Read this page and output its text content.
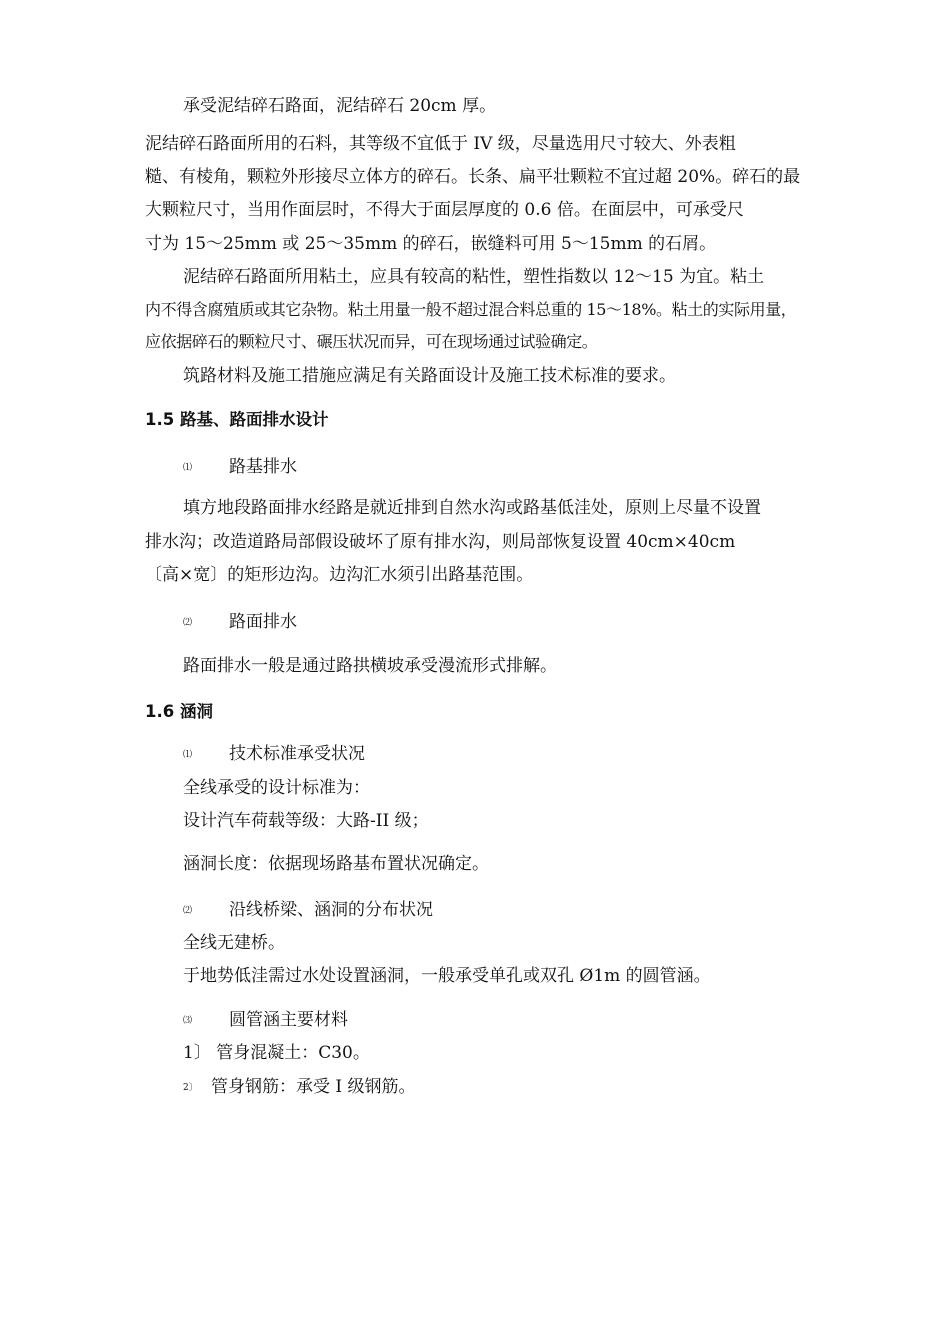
承受泥结碎石路面，泥结碎石 20cm 厚。
泥结碎石路面所用的石料，其等级不宜低于 IV 级，尽量选用尺寸较大、外表粗
糙、有棱角，颗粒外形接尽立体方的碎石。长条、扁平壮颗粒不宜过超 20%。碎石的最
大颗粒尺寸，当用作面层时，不得大于面层厚度的 0.6 倍。在面层中，可承受尺
寸为 15～25mm 或 25～35mm 的碎石，嵌缝料可用 5～15mm 的石屑。
泥结碎石路面所用粘土，应具有较高的粘性，塑性指数以 12～15 为宜。粘土
内不得含腐殖质或其它杂物。粘土用量一般不超过混合料总重的 15～18%。粘土的实际用量，
应依据碎石的颗粒尺寸、碾压状况而异，可在现场通过试验确定。
筑路材料及施工措施应满足有关路面设计及施工技术标准的要求。
1.5 路基、路面排水设计
⑴ 路基排水
填方地段路面排水经路是就近排到自然水沟或路基低洼处，原则上尽量不设置
排水沟；改造道路局部假设破坏了原有排水沟，则局部恢复设置 40cm×40cm
〔高×宽〕的矩形边沟。边沟汇水须引出路基范围。
⑵ 路面排水
路面排水一般是通过路拱横坡承受漫流形式排解。
1.6 涵洞
⑴ 技术标准承受状况
全线承受的设计标准为：
设计汽车荷载等级：大路-II 级；
涵洞长度：依据现场路基布置状况确定。
⑵ 沿线桥梁、涵洞的分布状况
全线无建桥。
于地势低洼需过水处设置涵洞，一般承受单孔或双孔 Ø1m 的圆管涵。
⑶ 圆管涵主要材料
1〕 管身混凝土：C30。
2〕 管身钢筋：承受 I 级钢筋。
